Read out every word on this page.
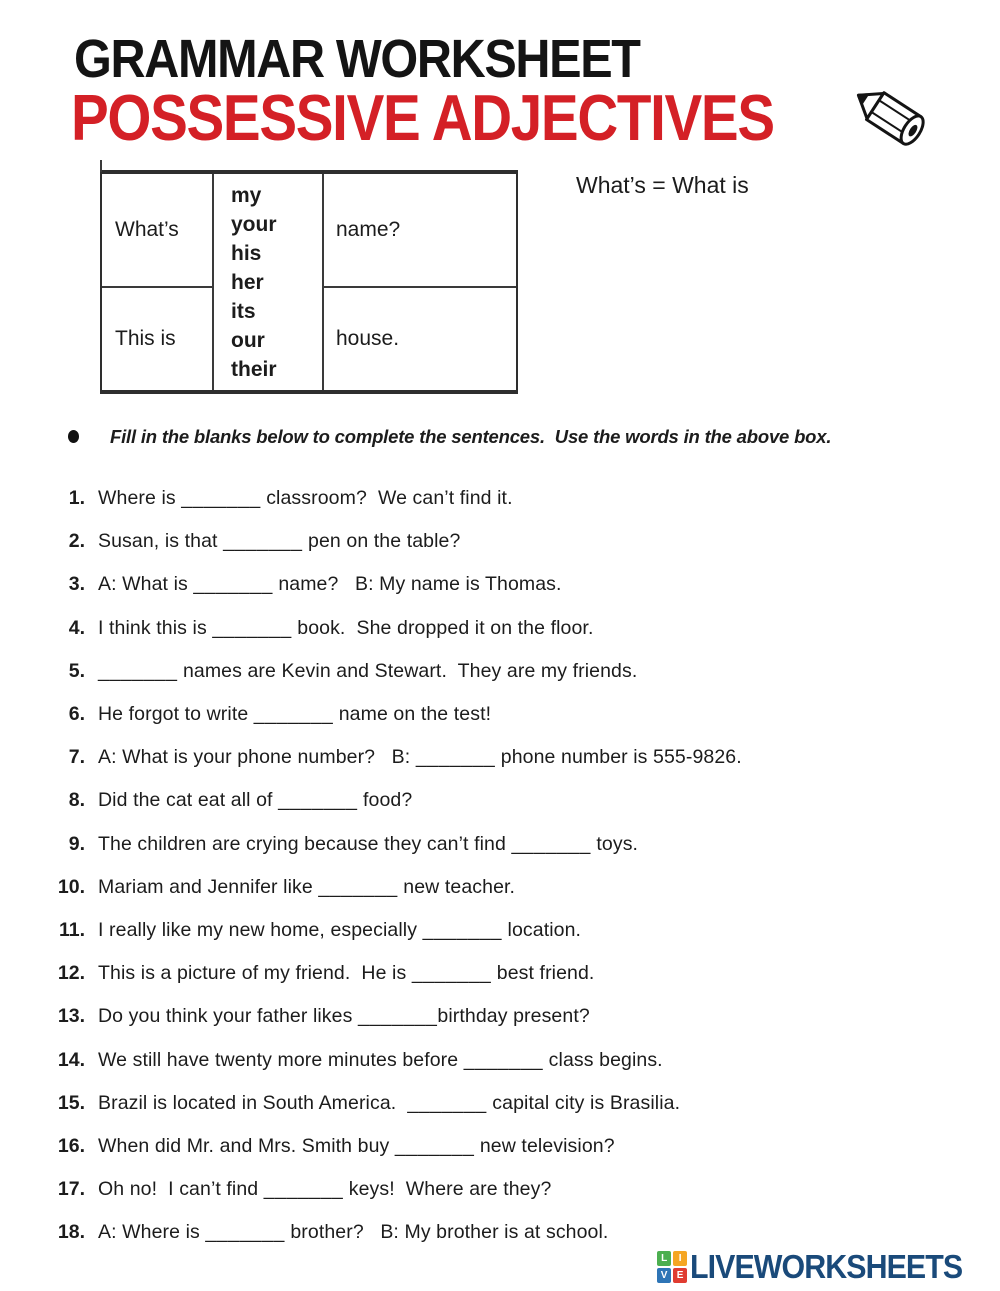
GRAMMAR WORKSHEET
POSSESSIVE ADJECTIVES
What’s
my
your
his
her
its
our
their
name?
This is	house.
What’s = What is
Fill in the blanks below to complete the sentences.  Use the words in the above box.
1. Where is _______ classroom?  We can’t find it.
2. Susan, is that _______ pen on the table?
3. A: What is _______ name?   B: My name is Thomas.
4. I think this is _______ book.  She dropped it on the floor.
5. _______ names are Kevin and Stewart.  They are my friends.
6. He forgot to write _______ name on the test!
7. A: What is your phone number?   B: _______ phone number is 555-9826.
8. Did the cat eat all of _______ food?
9. The children are crying because they can’t find _______ toys.
10. Mariam and Jennifer like _______ new teacher.
11. I really like my new home, especially _______ location.
12. This is a picture of my friend.  He is _______ best friend.
13. Do you think your father likes _______birthday present?
14. We still have twenty more minutes before _______ class begins.
15. Brazil is located in South America.  _______ capital city is Brasilia.
16. When did Mr. and Mrs. Smith buy _______ new television?
17. Oh no!  I can’t find _______ keys!  Where are they?
18. A: Where is _______ brother?   B: My brother is at school.
L	I
V E LIVEWORKSHEETS
